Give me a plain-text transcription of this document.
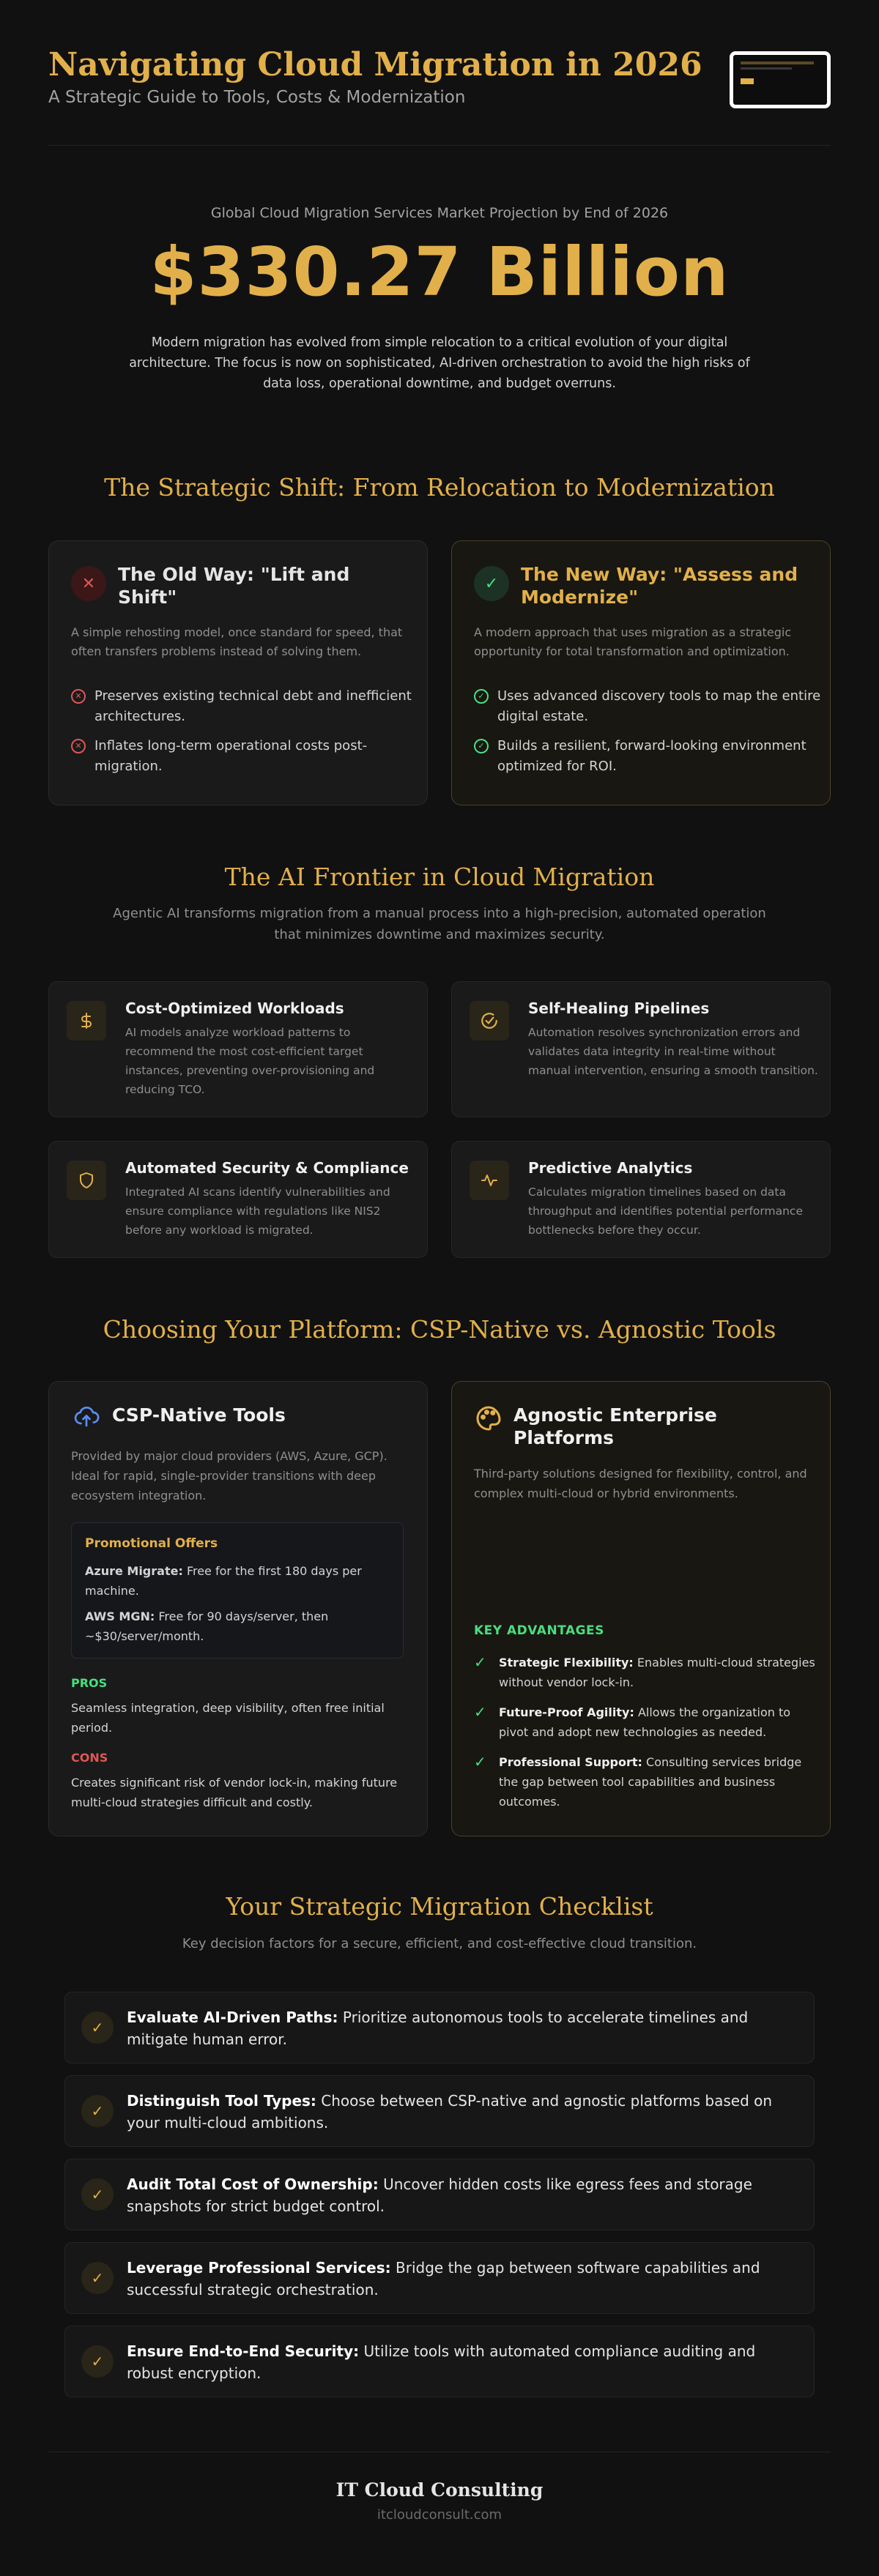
Navigating Cloud Migration in 2026
A Strategic Guide to Tools, Costs & Modernization
Global Cloud Migration Services Market Projection by End of 2026
$330.27 Billion
Modern migration has evolved from simple relocation to a critical evolution of your digital architecture. The focus is now on sophisticated, AI-driven orchestration to avoid the high risks of data loss, operational downtime, and budget overruns.
The Strategic Shift: From Relocation to Modernization
✕	The Old Way: "Lift and Shift"
A simple rehosting model, once standard for speed, that often transfers problems instead of solving them.
✕ Preserves existing technical debt and inefficient architectures.
✕ Inflates long-term operational costs post-migration.
✓	The New Way: "Assess and Modernize"
A modern approach that uses migration as a strategic opportunity for total transformation and optimization.
✓ Uses advanced discovery tools to map the entire digital estate.
✓ Builds a resilient, forward-looking environment optimized for ROI.
The AI Frontier in Cloud Migration
Agentic AI transforms migration from a manual process into a high-precision, automated operation that minimizes downtime and maximizes security.
Cost-Optimized Workloads
AI models analyze workload patterns to recommend the most cost-efficient target instances, preventing over-provisioning and reducing TCO.
Self-Healing Pipelines
Automation resolves synchronization errors and validates data integrity in real-time without manual intervention, ensuring a smooth transition.
Automated Security & Compliance
Integrated AI scans identify vulnerabilities and ensure compliance with regulations like NIS2 before any workload is migrated.
Predictive Analytics
Calculates migration timelines based on data throughput and identifies potential performance bottlenecks before they occur.
Choosing Your Platform: CSP-Native vs. Agnostic Tools
CSP-Native Tools
Provided by major cloud providers (AWS, Azure, GCP). Ideal for rapid, single-provider transitions with deep ecosystem integration.
Promotional Offers

Azure Migrate: Free for the first 180 days per machine.

AWS MGN: Free for 90 days/server, then ~$30/server/month.

PROS
Seamless integration, deep visibility, often free initial period.
CONS
Creates significant risk of vendor lock-in, making future multi-cloud strategies difficult and costly.
Agnostic Enterprise Platforms
Third-party solutions designed for flexibility, control, and complex multi-cloud or hybrid environments.
KEY ADVANTAGES
✓ Strategic Flexibility: Enables multi-cloud strategies without vendor lock-in.
✓ Future-Proof Agility: Allows the organization to pivot and adopt new technologies as needed.
✓ Professional Support: Consulting services bridge the gap between tool capabilities and business outcomes.
Your Strategic Migration Checklist
Key decision factors for a secure, efficient, and cost-effective cloud transition.
✓
Evaluate AI-Driven Paths: Prioritize autonomous tools to accelerate timelines and mitigate human error.
✓
Distinguish Tool Types: Choose between CSP-native and agnostic platforms based on your multi-cloud ambitions.
✓
Audit Total Cost of Ownership: Uncover hidden costs like egress fees and storage snapshots for strict budget control.
✓
Leverage Professional Services: Bridge the gap between software capabilities and successful strategic orchestration.
✓
Ensure End-to-End Security: Utilize tools with automated compliance auditing and robust encryption.
IT Cloud Consulting
itcloudconsult.com
